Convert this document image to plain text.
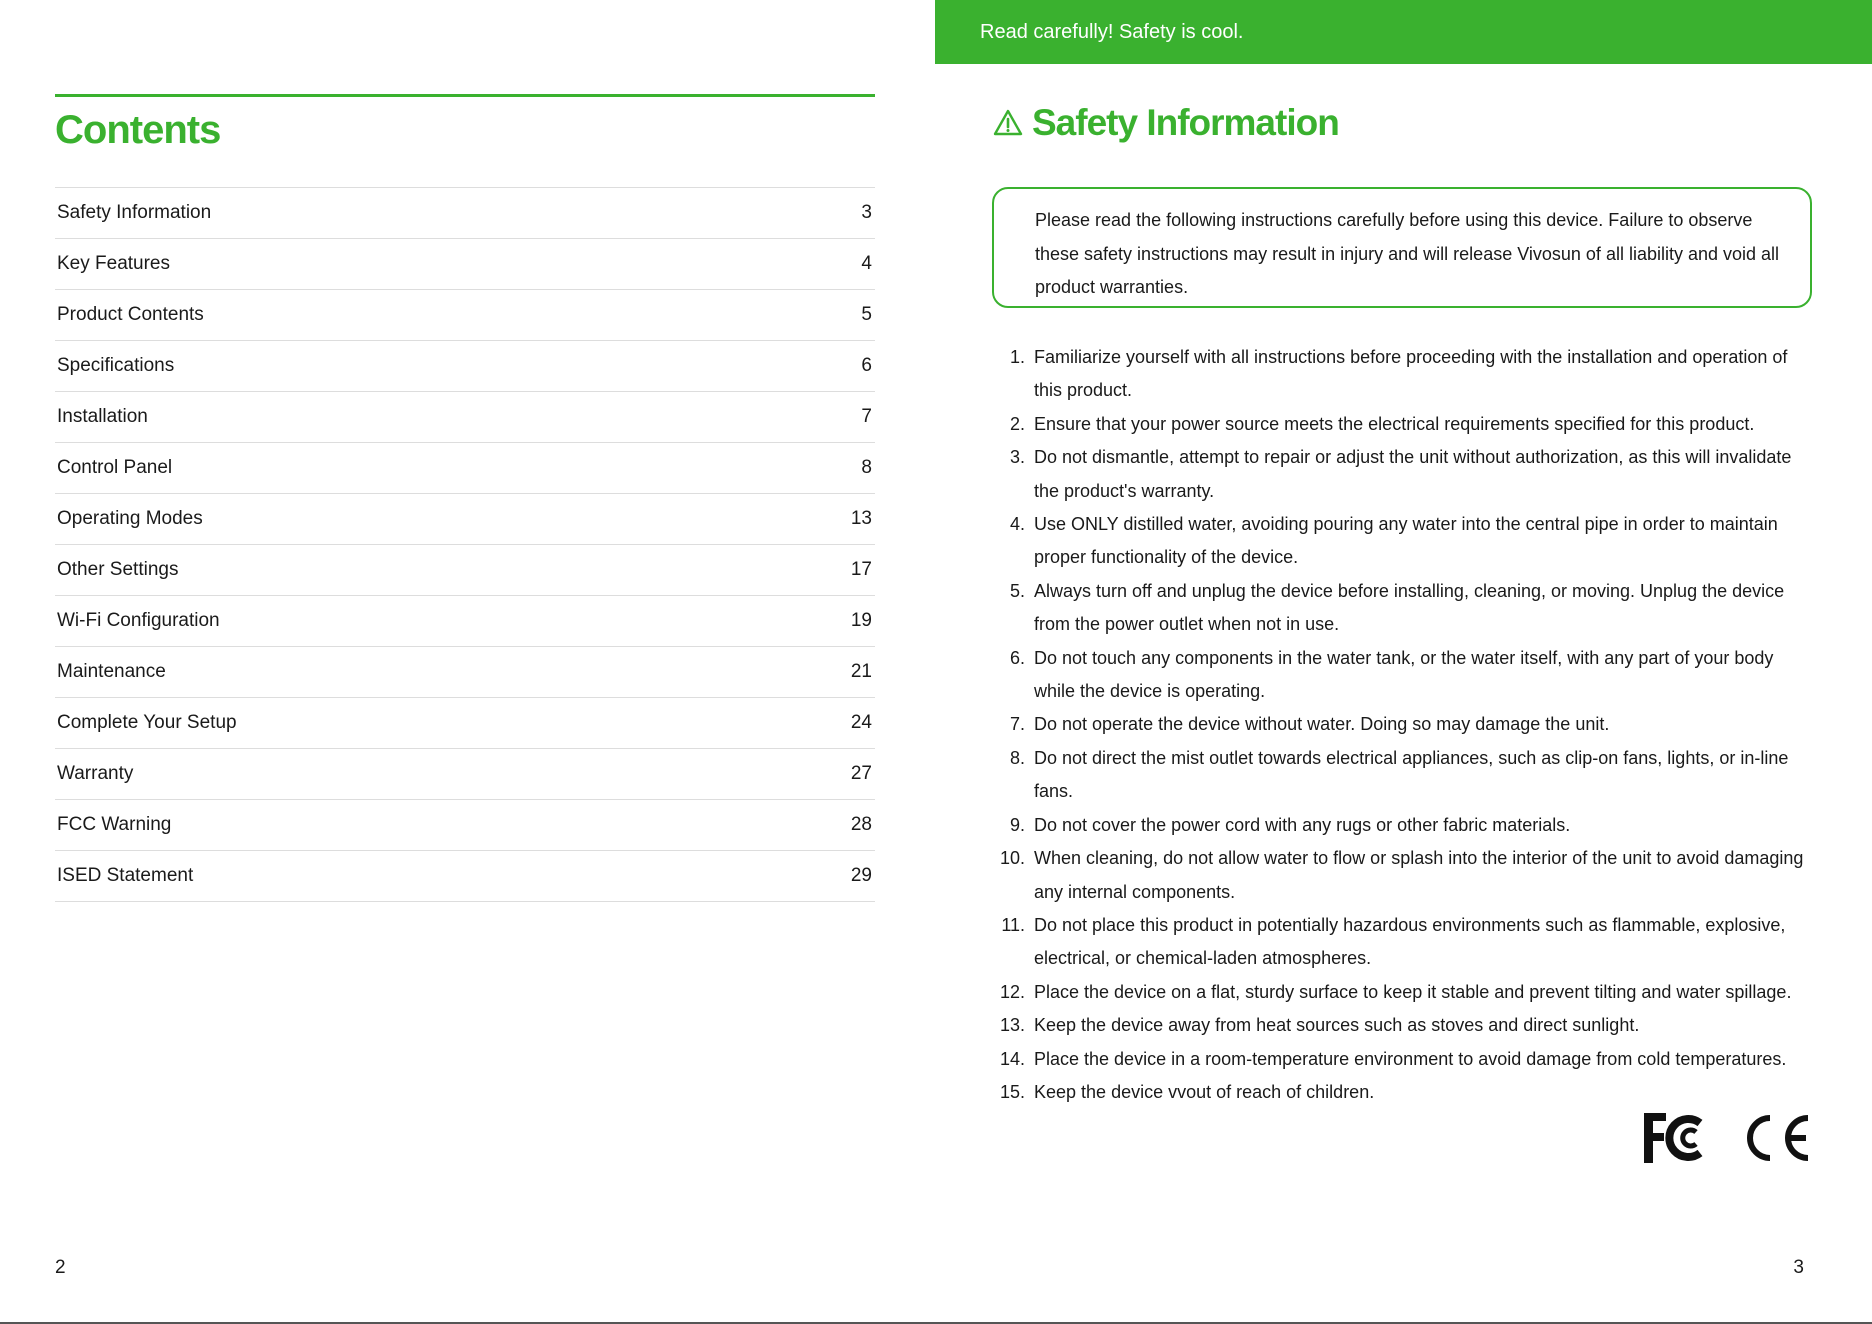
Contents
Safety Information	3
Key Features	4
Product Contents	5
Specifications	6
Installation	7
Control Panel	8
Operating Modes	13
Other Settings	17
Wi-Fi Configuration	19
Maintenance	21
Complete Your Setup	24
Warranty	27
FCC Warning	28
ISED Statement	29
2
Read carefully! Safety is cool.
Safety Information
Please read the following instructions carefully before using this device. Failure to observe these safety instructions may result in injury and will release Vivosun of all liability and void all product warranties.
1. Familiarize yourself with all instructions before proceeding with the installation and operation of this product.
2. Ensure that your power source meets the electrical requirements specified for this product.
3. Do not dismantle, attempt to repair or adjust the unit without authorization, as this will invalidate the product's warranty.
4. Use ONLY distilled water, avoiding pouring any water into the central pipe in order to maintain proper functionality of the device.
5. Always turn off and unplug the device before installing, cleaning, or moving. Unplug the device from the power outlet when not in use.
6. Do not touch any components in the water tank, or the water itself, with any part of your body while the device is operating.
7. Do not operate the device without water. Doing so may damage the unit.
8. Do not direct the mist outlet towards electrical appliances, such as clip-on fans, lights, or in-line fans.
9. Do not cover the power cord with any rugs or other fabric materials.
10. When cleaning, do not allow water to flow or splash into the interior of the unit to avoid damaging any internal components.
11. Do not place this product in potentially hazardous environments such as flammable, explosive, electrical, or chemical-laden atmospheres.
12. Place the device on a flat, sturdy surface to keep it stable and prevent tilting and water spillage.
13. Keep the device away from heat sources such as stoves and direct sunlight.
14. Place the device in a room-temperature environment to avoid damage from cold temperatures.
15. Keep the device vvout of reach of children.
3
